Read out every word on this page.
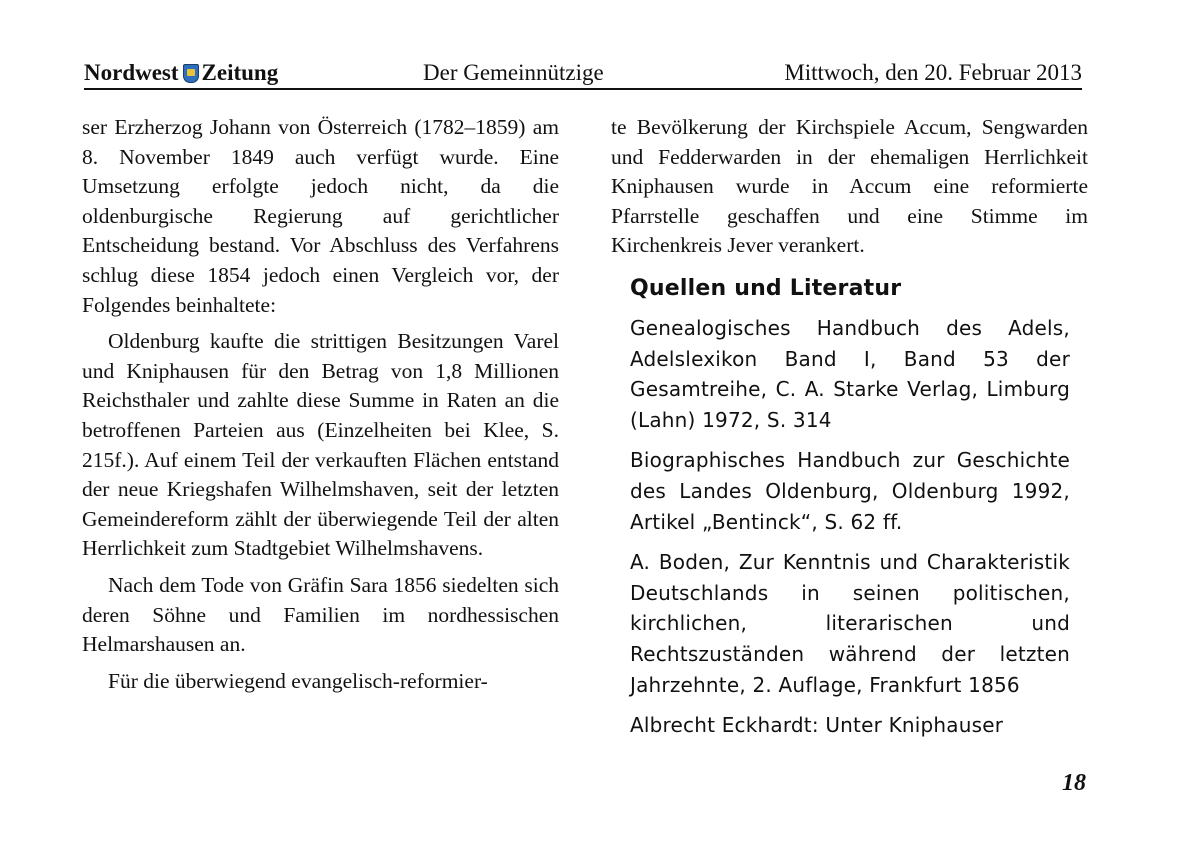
Nordwest Zeitung	Der Gemeinnützige	Mittwoch, den 20. Februar 2013

ser Erzherzog Johann von Österreich (1782–1859) am 8. November 1849 auch verfügt wurde. Eine Umsetzung erfolgte jedoch nicht, da die oldenburgische Regierung auf gerichtlicher Entscheidung bestand. Vor Abschluss des Verfahrens schlug diese 1854 jedoch einen Vergleich vor, der Folgendes beinhaltete:

Oldenburg kaufte die strittigen Besitzungen Varel und Kniphausen für den Betrag von 1,8 Millionen Reichsthaler und zahlte diese Summe in Raten an die betroffenen Parteien aus (Einzelheiten bei Klee, S. 215f.). Auf einem Teil der verkauften Flächen entstand der neue Kriegshafen Wilhelmshaven, seit der letzten Gemeindereform zählt der überwiegende Teil der alten Herrlichkeit zum Stadtgebiet Wilhelmshavens.

Nach dem Tode von Gräfin Sara 1856 siedelten sich deren Söhne und Familien im nordhessischen Helmarshausen an.

Für die überwiegend evangelisch-reformier-

te Bevölkerung der Kirchspiele Accum, Sengwarden und Fedderwarden in der ehemaligen Herrlichkeit Kniphausen wurde in Accum eine reformierte Pfarrstelle geschaffen und eine Stimme im Kirchenkreis Jever verankert.

Quellen und Literatur

Genealogisches Handbuch des Adels, Adelslexikon Band I, Band 53 der Gesamtreihe, C. A. Starke Verlag, Limburg (Lahn) 1972, S. 314

Biographisches Handbuch zur Geschichte des Landes Oldenburg, Oldenburg 1992, Artikel „Bentinck“, S. 62 ff.

A. Boden, Zur Kenntnis und Charakteristik Deutschlands in seinen politischen, kirchlichen, literarischen und Rechtszuständen während der letzten Jahrzehnte, 2. Auflage, Frankfurt 1856

Albrecht Eckhardt: Unter Kniphauser

18
